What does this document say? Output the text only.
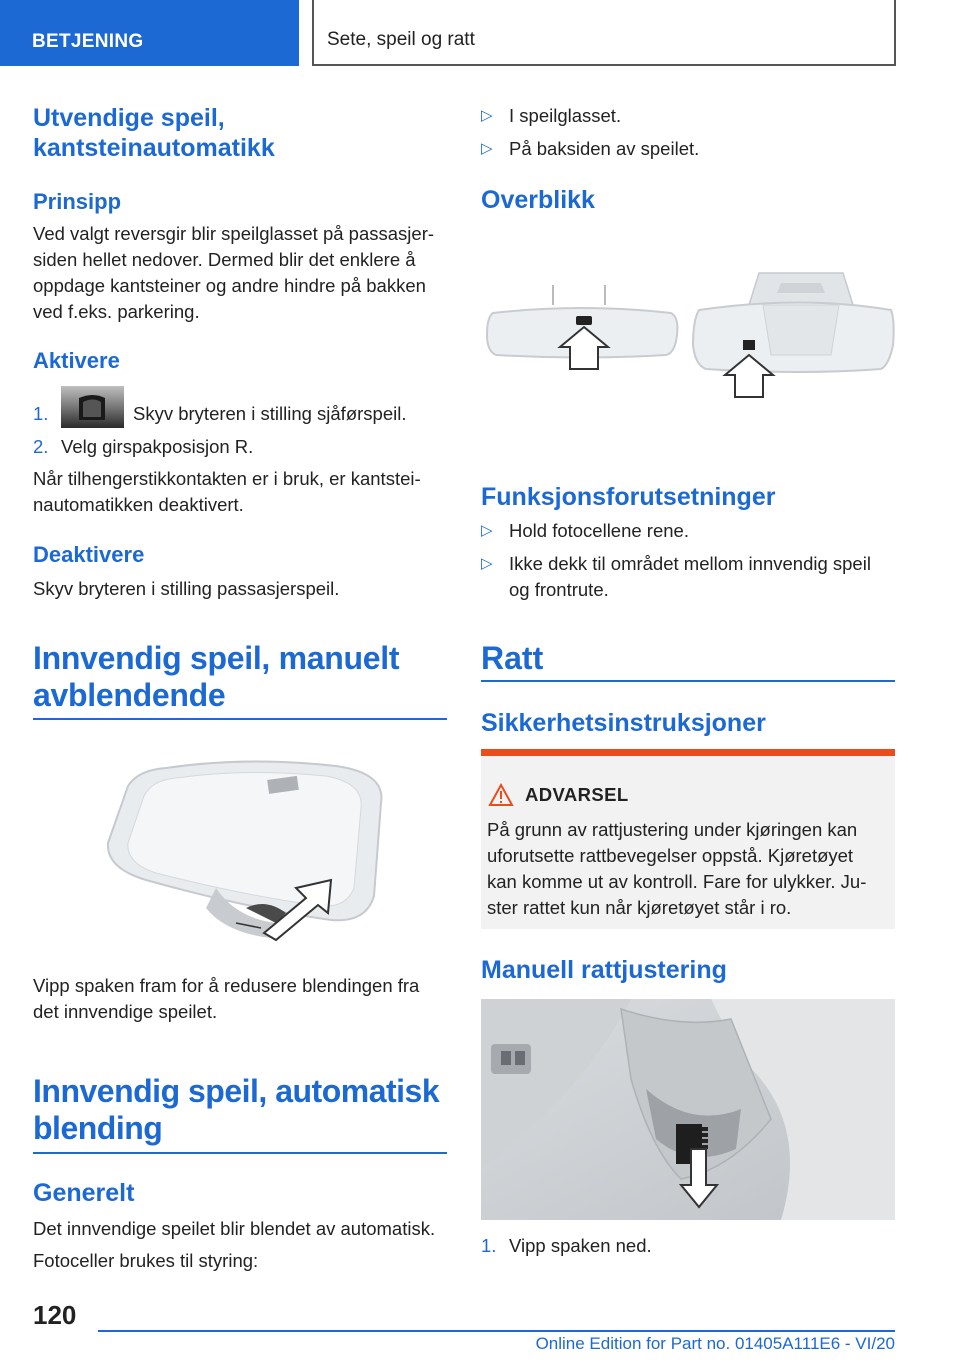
BETJENING	Sete, speil og ratt
Utvendige speil, kantsteinautomatikk
Prinsipp
Ved valgt reversgir blir speilglasset på passasjer-siden hellet nedover. Dermed blir det enklere å oppdage kantsteiner og andre hindre på bakken ved f.eks. parkering.
Aktivere
1.	Skyv bryteren i stilling sjåførspeil.
2. Velg girspakposisjon R.
Når tilhengerstikkontakten er i bruk, er kantstei-nautomatikken deaktivert.
Deaktivere
Skyv bryteren i stilling passasjerspeil.
Innvendig speil, manuelt avblendende
Vipp spaken fram for å redusere blendingen fra det innvendige speilet.
Innvendig speil, automatisk blending
Generelt
Det innvendige speilet blir blendet av automatisk.
Fotoceller brukes til styring:
▷ I speilglasset.
▷ På baksiden av speilet.
Overblikk
Funksjonsforutsetninger
▷ Hold fotocellene rene.
▷ Ikke dekk til området mellom innvendig speil og frontrute.
Ratt
Sikkerhetsinstruksjoner
ADVARSEL
På grunn av rattjustering under kjøringen kan uforutsette rattbevegelser oppstå. Kjøretøyet kan komme ut av kontroll. Fare for ulykker. Ju-ster rattet kun når kjøretøyet står i ro.
Manuell rattjustering
1. Vipp spaken ned.
120
Online Edition for Part no. 01405A111E6 - VI/20
